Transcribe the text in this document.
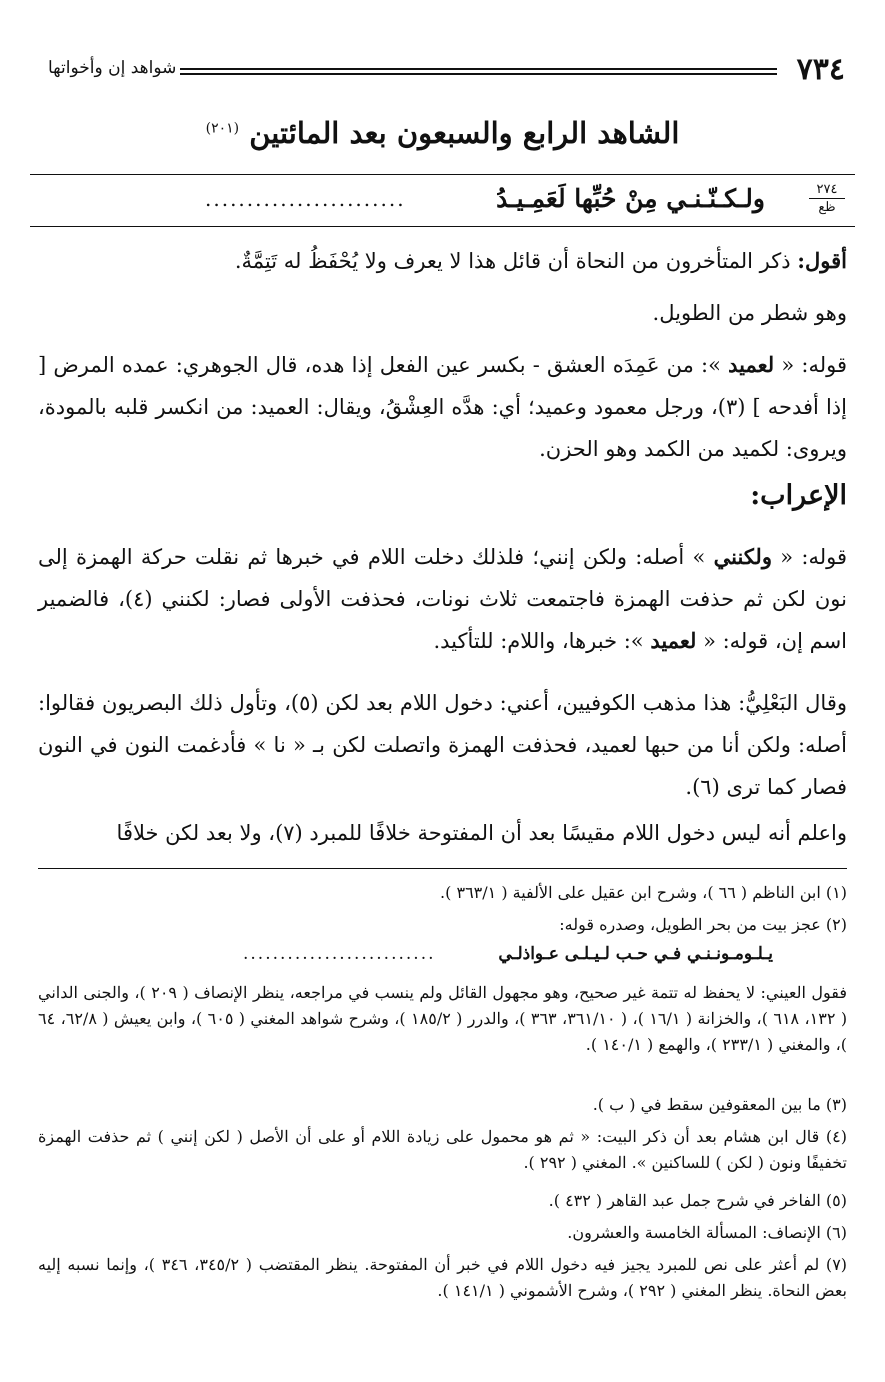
٧٣٤
شواهد إن وأخواتها
الشاهد الرابع والسبعون بعد المائتين $^{(٢٠١)}$
٢٧٤
ظع
ولـكـنّـنـي مِنْ حُبِّها لَعَمِـيـدُ
........................
أقول: ذكر المتأخرون من النحاة أن قائل هذا لا يعرف ولا يُحْفَظُ له تَتِمَّةٌ.
وهو شطر من الطويل.
قوله: « لعميد »: من عَمِدَه العشق - بكسر عين الفعل إذا هده، قال الجوهري: عمده المرض [ إذا أفدحه ] (٣)، ورجل معمود وعميد؛ أي: هدَّه العِشْقُ، ويقال: العميد: من انكسر قلبه بالمودة، ويروى: لكميد من الكمد وهو الحزن.
الإعراب:
قوله: « ولكنني » أصله: ولكن إنني؛ فلذلك دخلت اللام في خبرها ثم نقلت حركة الهمزة إلى نون لكن ثم حذفت الهمزة فاجتمعت ثلاث نونات، فحذفت الأولى فصار: لكنني (٤)، فالضمير اسم إن، قوله: « لعميد »: خبرها، واللام: للتأكيد.
وقال البَعْلِيُّ: هذا مذهب الكوفيين، أعني: دخول اللام بعد لكن (٥)، وتأول ذلك البصريون فقالوا: أصله: ولكن أنا من حبها لعميد، فحذفت الهمزة واتصلت لكن بـ « نا » فأدغمت النون في النون فصار كما ترى (٦).
واعلم أنه ليس دخول اللام مقيسًا بعد أن المفتوحة خلافًا للمبرد (٧)، ولا بعد لكن خلافًا
(١) ابن الناظم ( ٦٦ )، وشرح ابن عقيل على الألفية ( ٣٦٣/١ ).
(٢) عجز بيت من بحر الطويل، وصدره قوله:
يـلـومـونـنـي فـي حـب لـيـلـى عـواذلـي
..........................
فقول العيني: لا يحفظ له تتمة غير صحيح، وهو مجهول القائل ولم ينسب في مراجعه، ينظر الإنصاف ( ٢٠٩ )، والجنى الداني ( ١٣٢، ٦١٨ )، والخزانة ( ١٦/١ )، ( ٣٦١/١٠، ٣٦٣ )، والدرر ( ١٨٥/٢ )، وشرح شواهد المغني ( ٦٠٥ )، وابن يعيش ( ٦٢/٨، ٦٤ )، والمغني ( ٢٣٣/١ )، والهمع ( ١٤٠/١ ).
(٣) ما بين المعقوفين سقط في ( ب ).
(٤) قال ابن هشام بعد أن ذكر البيت: « ثم هو محمول على زيادة اللام أو على أن الأصل ( لكن إنني ) ثم حذفت الهمزة تخفيفًا ونون ( لكن ) للساكنين ». المغني ( ٢٩٢ ).
(٥) الفاخر في شرح جمل عبد القاهر ( ٤٣٢ ).
(٦) الإنصاف: المسألة الخامسة والعشرون.
(٧) لم أعثر على نص للمبرد يجيز فيه دخول اللام في خبر أن المفتوحة. ينظر المقتضب ( ٣٤٥/٢، ٣٤٦ )، وإنما نسبه إليه بعض النحاة. ينظر المغني ( ٢٩٢ )، وشرح الأشموني ( ١٤١/١ ).
